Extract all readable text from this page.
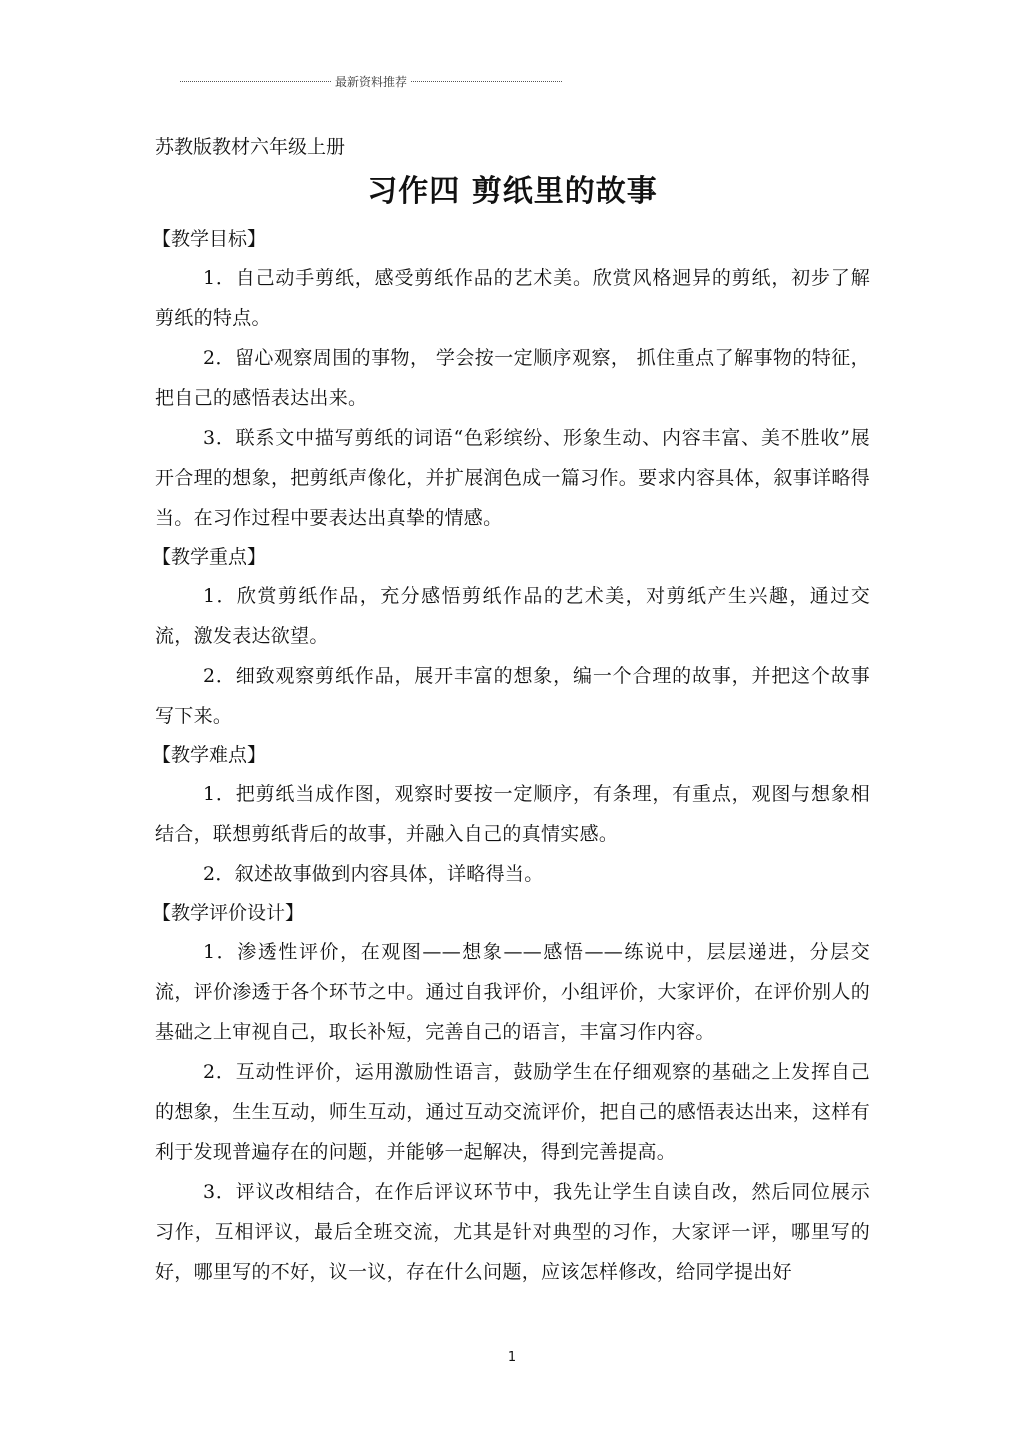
最新资料推荐

苏教版教材六年级上册

习作四 剪纸里的故事

【教学目标】

1．自己动手剪纸，感受剪纸作品的艺术美。欣赏风格迥异的剪纸，初步了解剪纸的特点。

2．留心观察周围的事物， 学会按一定顺序观察， 抓住重点了解事物的特征，把自己的感悟表达出来。

3．联系文中描写剪纸的词语“色彩缤纷、形象生动、内容丰富、美不胜收”展开合理的想象，把剪纸声像化，并扩展润色成一篇习作。要求内容具体，叙事详略得当。在习作过程中要表达出真挚的情感。

【教学重点】

1．欣赏剪纸作品，充分感悟剪纸作品的艺术美，对剪纸产生兴趣，通过交流，激发表达欲望。

2．细致观察剪纸作品，展开丰富的想象，编一个合理的故事，并把这个故事写下来。

【教学难点】

1．把剪纸当成作图，观察时要按一定顺序，有条理，有重点，观图与想象相结合，联想剪纸背后的故事，并融入自己的真情实感。

2．叙述故事做到内容具体，详略得当。

【教学评价设计】

1．渗透性评价，在观图——想象——感悟——练说中，层层递进，分层交流，评价渗透于各个环节之中。通过自我评价，小组评价，大家评价，在评价别人的基础之上审视自己，取长补短，完善自己的语言，丰富习作内容。

2．互动性评价，运用激励性语言，鼓励学生在仔细观察的基础之上发挥自己的想象，生生互动，师生互动，通过互动交流评价，把自己的感悟表达出来，这样有利于发现普遍存在的问题，并能够一起解决，得到完善提高。

3．评议改相结合，在作后评议环节中，我先让学生自读自改，然后同位展示习作，互相评议，最后全班交流，尤其是针对典型的习作，大家评一评，哪里写的好，哪里写的不好，议一议，存在什么问题，应该怎样修改，给同学提出好

1
